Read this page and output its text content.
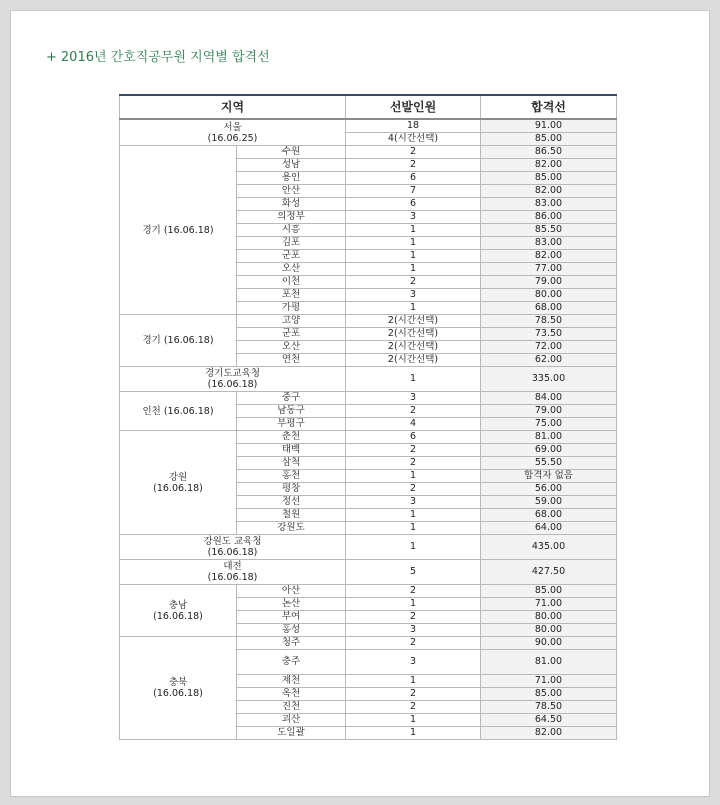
+ 2016년 간호직공무원 지역별 합격선
지역		선발인원	합격선
서울
(16.06.25)		18	91.00
		4(시간선택)	85.00
경기 (16.06.18)	수원	2	86.50
	성남	2	82.00
	용인	6	85.00
	안산	7	82.00
	화성	6	83.00
	의정부	3	86.00
	시흥	1	85.50
	김포	1	83.00
	군포	1	82.00
	오산	1	77.00
	이천	2	79.00
	포천	3	80.00
	가평	1	68.00
경기 (16.06.18)	고양	2(시간선택)	78.50
	군포	2(시간선택)	73.50
	오산	2(시간선택)	72.00
	연천	2(시간선택)	62.00
경기도교육청
(16.06.18)		1	335.00
인천 (16.06.18)	중구	3	84.00
	남동구	2	79.00
	부평구	4	75.00
강원
(16.06.18)	춘천	6	81.00
	태백	2	69.00
	삼척	2	55.50
	홍천	1	합격자 없음
	평창	2	56.00
	정선	3	59.00
	철원	1	68.00
	강원도	1	64.00
강원도 교육청
(16.06.18)		1	435.00
대전
(16.06.18)		5	427.50
충남
(16.06.18)	아산	2	85.00
	논산	1	71.00
	부여	2	80.00
	홍성	3	80.00
충북
(16.06.18)	청주	2	90.00
	충주	3	81.00
	제천	1	71.00
	옥천	2	85.00
	진천	2	78.50
	괴산	1	64.50
	도일괄	1	82.00
